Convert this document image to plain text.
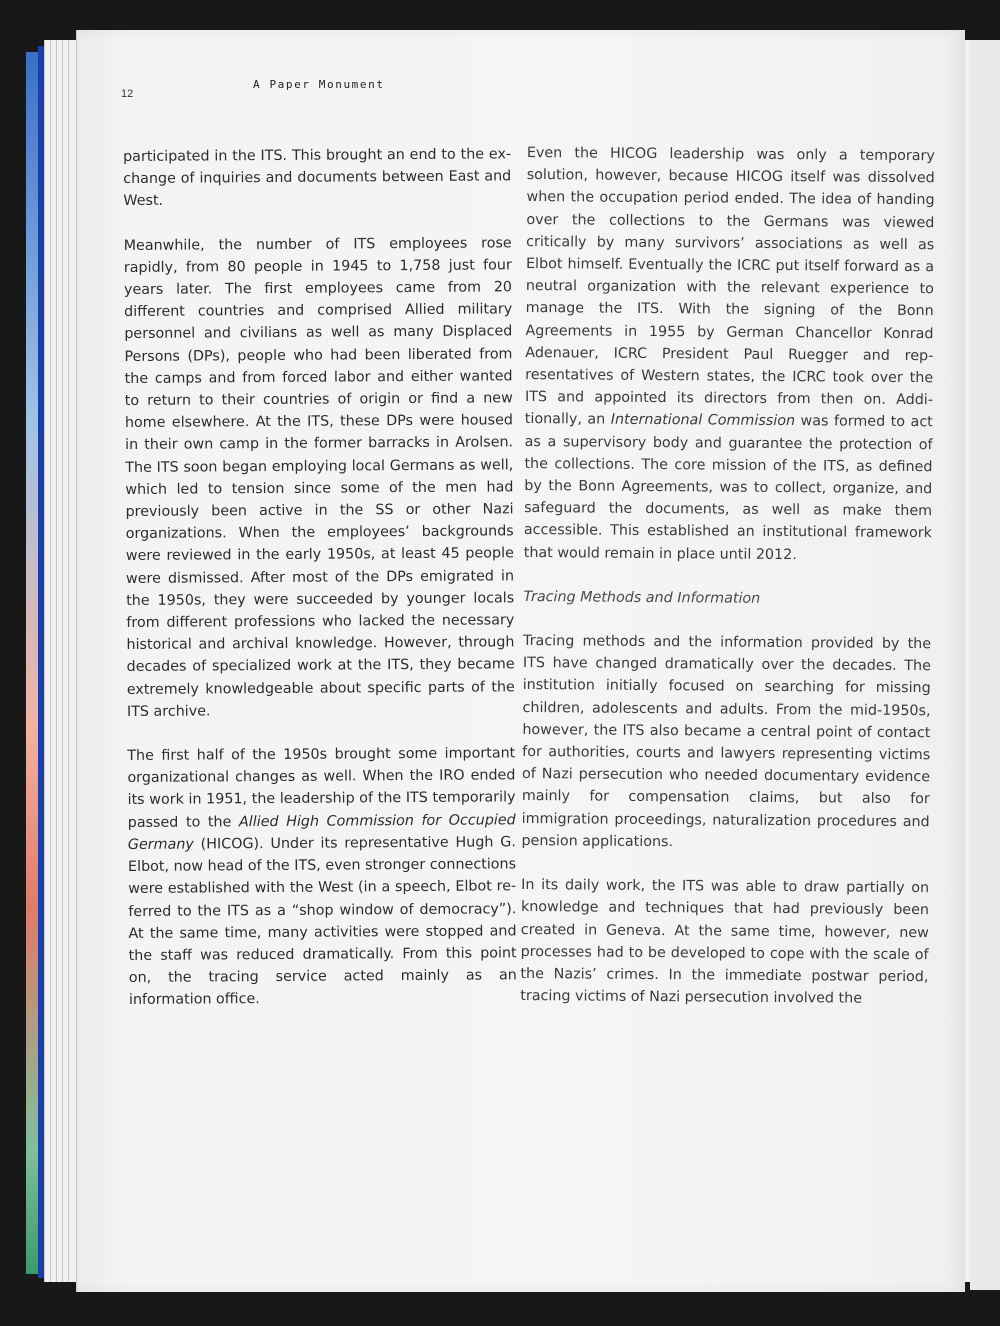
12
A Paper Monument

participated in the ITS. This brought an end to the exchange of inquiries and documents between East and West.

Meanwhile, the number of ITS employees rose rapidly, from 80 people in 1945 to 1,758 just four years later. The first employees came from 20 different countries and comprised Allied military personnel and civilians as well as many Displaced Persons (DPs), people who had been liberated from the camps and from forced labor and either wanted to return to their countries of origin or find a new home elsewhere. At the ITS, these DPs were housed in their own camp in the former barracks in Arolsen. The ITS soon began employing local Germans as well, which led to tension since some of the men had previously been active in the SS or other Nazi organizations. When the employees’ backgrounds were reviewed in the early 1950s, at least 45 people were dismissed. After most of the DPs emigrated in the 1950s, they were succeeded by younger locals from different professions who lacked the necessary historical and archival knowledge. However, through decades of specialized work at the ITS, they became extremely knowledgeable about specific parts of the ITS archive.

The first half of the 1950s brought some important organizational changes as well. When the IRO ended its work in 1951, the leadership of the ITS temporarily passed to the Allied High Commission for Occupied Germany (HICOG). Under its representative Hugh G. Elbot, now head of the ITS, even stronger connections were established with the West (in a speech, Elbot referred to the ITS as a “shop window of democracy”). At the same time, many activities were stopped and the staff was reduced dramatically. From this point on, the tracing service acted mainly as an information office.

Even the HICOG leadership was only a temporary solution, however, because HICOG itself was dissolved when the occupation period ended. The idea of handing over the collections to the Germans was viewed critically by many survivors’ associations as well as Elbot himself. Eventually the ICRC put itself forward as a neutral organization with the relevant experience to manage the ITS. With the signing of the Bonn Agreements in 1955 by German Chancellor Konrad Adenauer, ICRC President Paul Ruegger and representatives of Western states, the ICRC took over the ITS and appointed its directors from then on. Additionally, an International Commission was formed to act as a supervisory body and guarantee the protection of the collections. The core mission of the ITS, as defined by the Bonn Agreements, was to collect, organize, and safeguard the documents, as well as make them accessible. This established an institutional framework that would remain in place until 2012.

Tracing Methods and Information

Tracing methods and the information provided by the ITS have changed dramatically over the decades. The institution initially focused on searching for missing children, adolescents and adults. From the mid-1950s, however, the ITS also became a central point of contact for authorities, courts and lawyers representing victims of Nazi persecution who needed documentary evidence mainly for compensation claims, but also for immigration proceedings, naturalization procedures and pension applications.

In its daily work, the ITS was able to draw partially on knowledge and techniques that had previously been created in Geneva. At the same time, however, new processes had to be developed to cope with the scale of the Nazis’ crimes. In the immediate postwar period, tracing victims of Nazi persecution involved the
